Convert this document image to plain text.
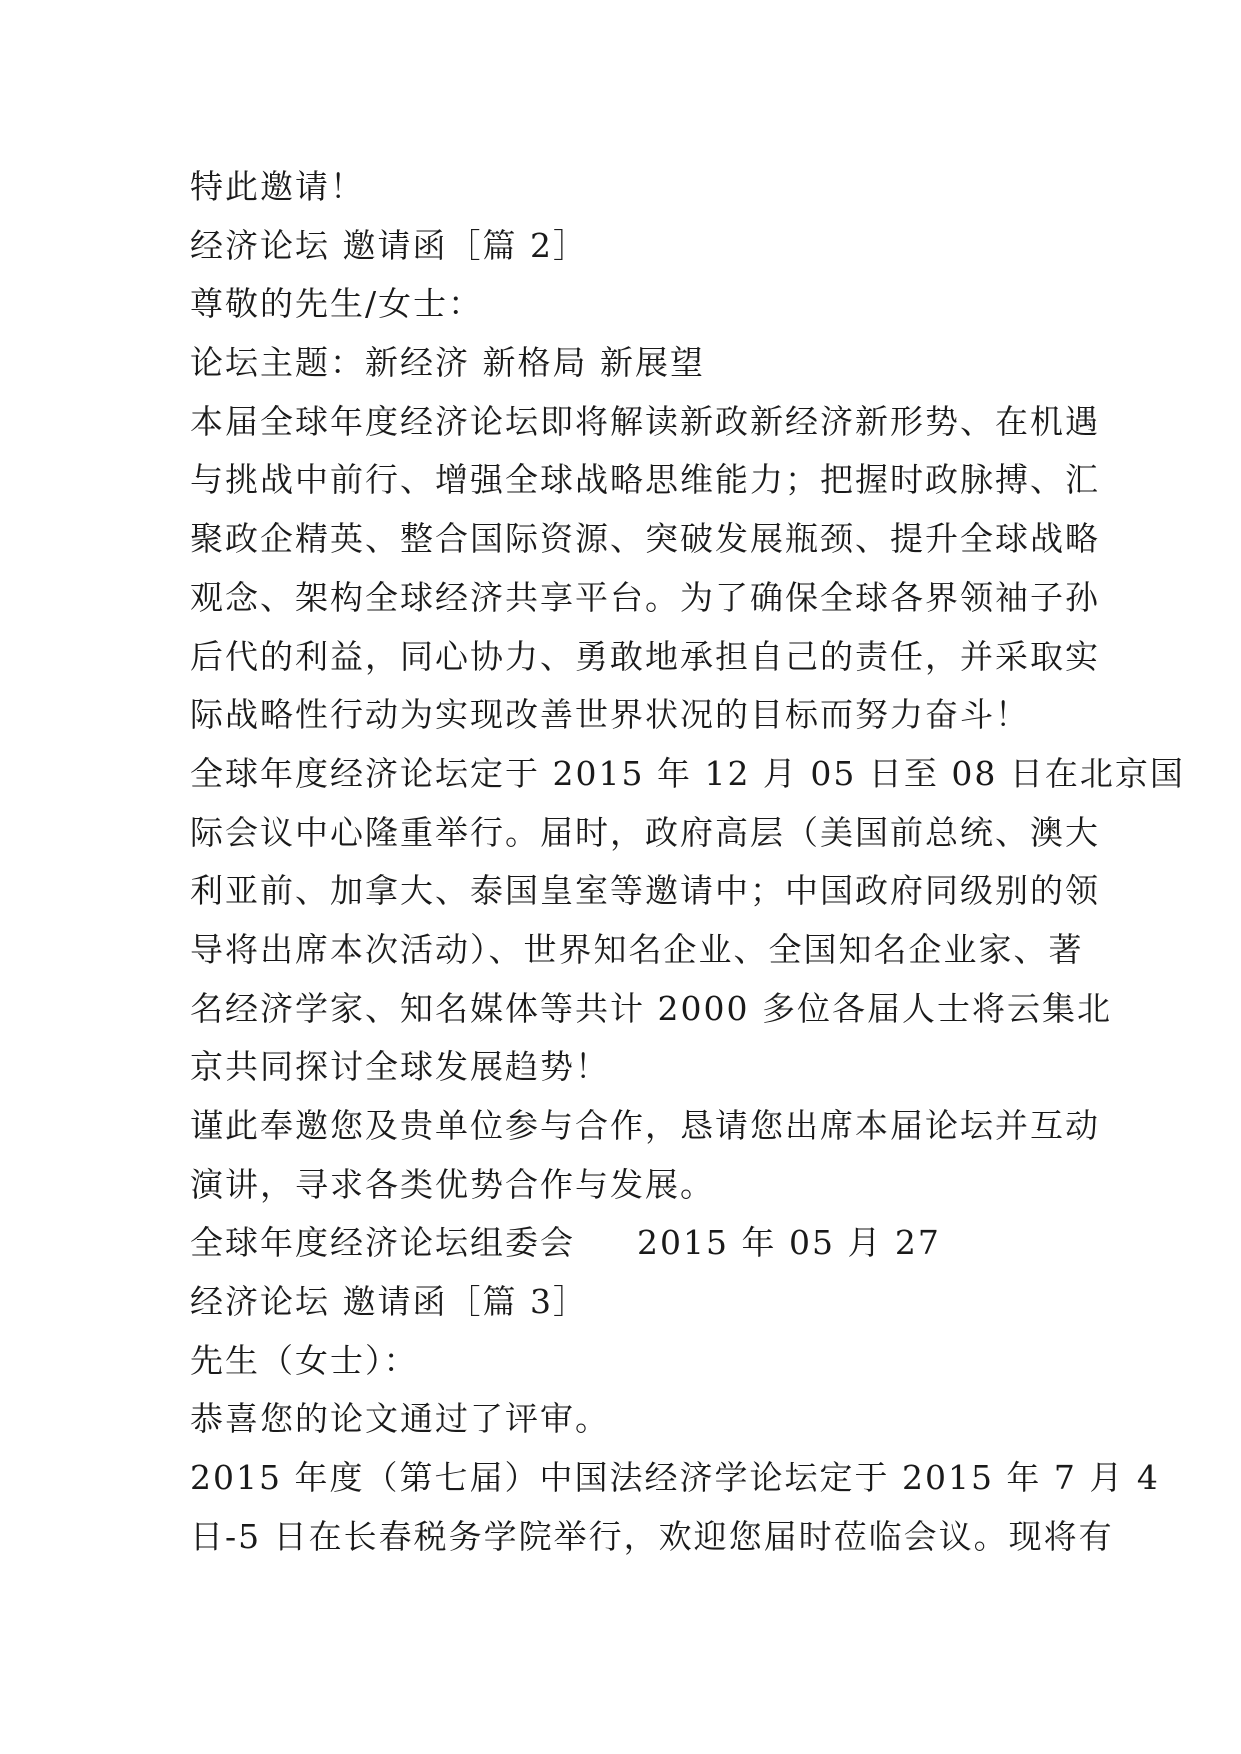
特此邀请！
经济论坛 邀请函［篇 2］
尊敬的先生/女士：
论坛主题：新经济 新格局 新展望
本届全球年度经济论坛即将解读新政新经济新形势、在机遇
与挑战中前行、增强全球战略思维能力；把握时政脉搏、汇
聚政企精英、整合国际资源、突破发展瓶颈、提升全球战略
观念、架构全球经济共享平台。为了确保全球各界领袖子孙
后代的利益，同心协力、勇敢地承担自己的责任，并采取实
际战略性行动为实现改善世界状况的目标而努力奋斗！
全球年度经济论坛定于 2015 年 12 月 05 日至 08 日在北京国
际会议中心隆重举行。届时，政府高层（美国前总统、澳大
利亚前、加拿大、泰国皇室等邀请中；中国政府同级别的领
导将出席本次活动）、世界知名企业、全国知名企业家、著
名经济学家、知名媒体等共计 2000 多位各届人士将云集北
京共同探讨全球发展趋势！
谨此奉邀您及贵单位参与合作，恳请您出席本届论坛并互动
演讲，寻求各类优势合作与发展。
全球年度经济论坛组委会 2015 年 05 月 27
经济论坛 邀请函［篇 3］
先生（女士）：
恭喜您的论文通过了评审。
2015 年度（第七届）中国法经济学论坛定于 2015 年 7 月 4
日-5 日在长春税务学院举行，欢迎您届时莅临会议。现将有
